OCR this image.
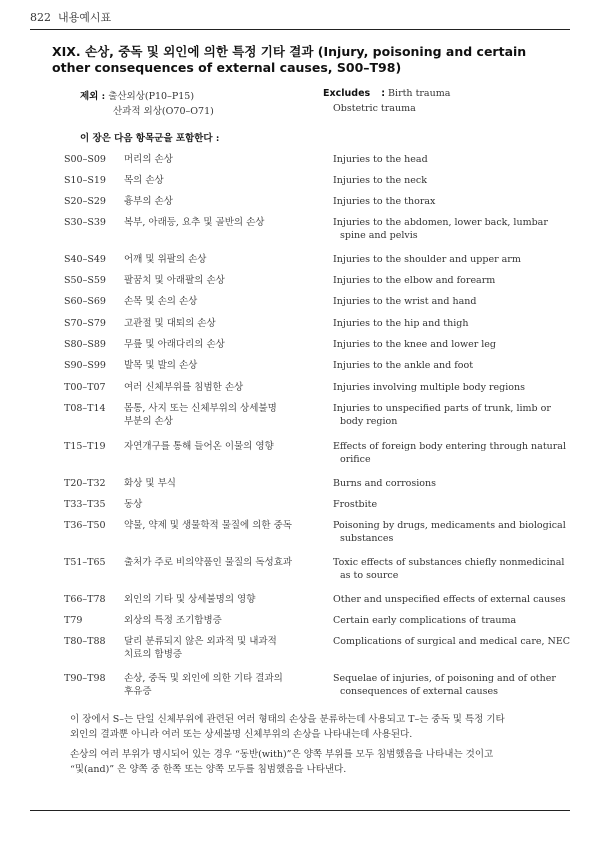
822 내용예시표
XIX. 손상, 중독 및 외인에 의한 특정 기타 결과 (Injury, poisoning and certain
other consequences of external causes, S00–T98)
제외 : 출산외상(P10–P15)
산과적 외상(O70–O71)
Excludes : Birth trauma
Obstetric trauma
이 장은 다음 항목군을 포함한다 :
S00–S09 머리의 손상	Injuries to the head
S10–S19 목의 손상	Injuries to the neck
S20–S29 흉부의 손상	Injuries to the thorax
S30–S39 복부, 아래등, 요추 및 골반의 손상	Injuries to the abdomen, lower back, lumbar
spine and pelvis
S40–S49 어깨 및 위팔의 손상	Injuries to the shoulder and upper arm
S50–S59 팔꿈치 및 아래팔의 손상	Injuries to the elbow and forearm
S60–S69 손목 및 손의 손상	Injuries to the wrist and hand
S70–S79 고관절 및 대퇴의 손상	Injuries to the hip and thigh
S80–S89 무릎 및 아래다리의 손상	Injuries to the knee and lower leg
S90–S99 발목 및 발의 손상	Injuries to the ankle and foot
T00–T07 여러 신체부위를 침범한 손상	Injuries involving multiple body regions
T08–T14 몸통, 사지 또는 신체부위의 상세불명
부분의 손상
Injuries to unspecified parts of trunk, limb or
body region
T15–T19 자연개구를 통해 들어온 이물의 영향	Effects of foreign body entering through natural
orifice
T20–T32 화상 및 부식	Burns and corrosions
T33–T35 동상	Frostbite
T36–T50 약물, 약제 및 생물학적 물질에 의한 중독	Poisoning by drugs, medicaments and biological
substances
T51–T65 출처가 주로 비의약품인 물질의 독성효과	Toxic effects of substances chiefly nonmedicinal
as to source
T66–T78 외인의 기타 및 상세불명의 영향	Other and unspecified effects of external causes
T79	외상의 특정 조기합병증	Certain early complications of trauma
T80–T88 달리 분류되지 않은 외과적 및 내과적
치료의 합병증
Complications of surgical and medical care, NEC
T90–T98 손상, 중독 및 외인에 의한 기타 결과의
후유증
Sequelae of injuries, of poisoning and of other
consequences of external causes
이 장에서 S–는 단일 신체부위에 관련된 여러 형태의 손상을 분류하는데 사용되고 T–는 중독 및 특정 기타
외인의 결과뿐 아니라 여러 또는 상세불명 신체부위의 손상을 나타내는데 사용된다.
손상의 여러 부위가 명시되어 있는 경우 “동반(with)”은 양쪽 부위를 모두 침범했음을 나타내는 것이고
“및(and)” 은 양쪽 중 한쪽 또는 양쪽 모두를 침범했음을 나타낸다.
